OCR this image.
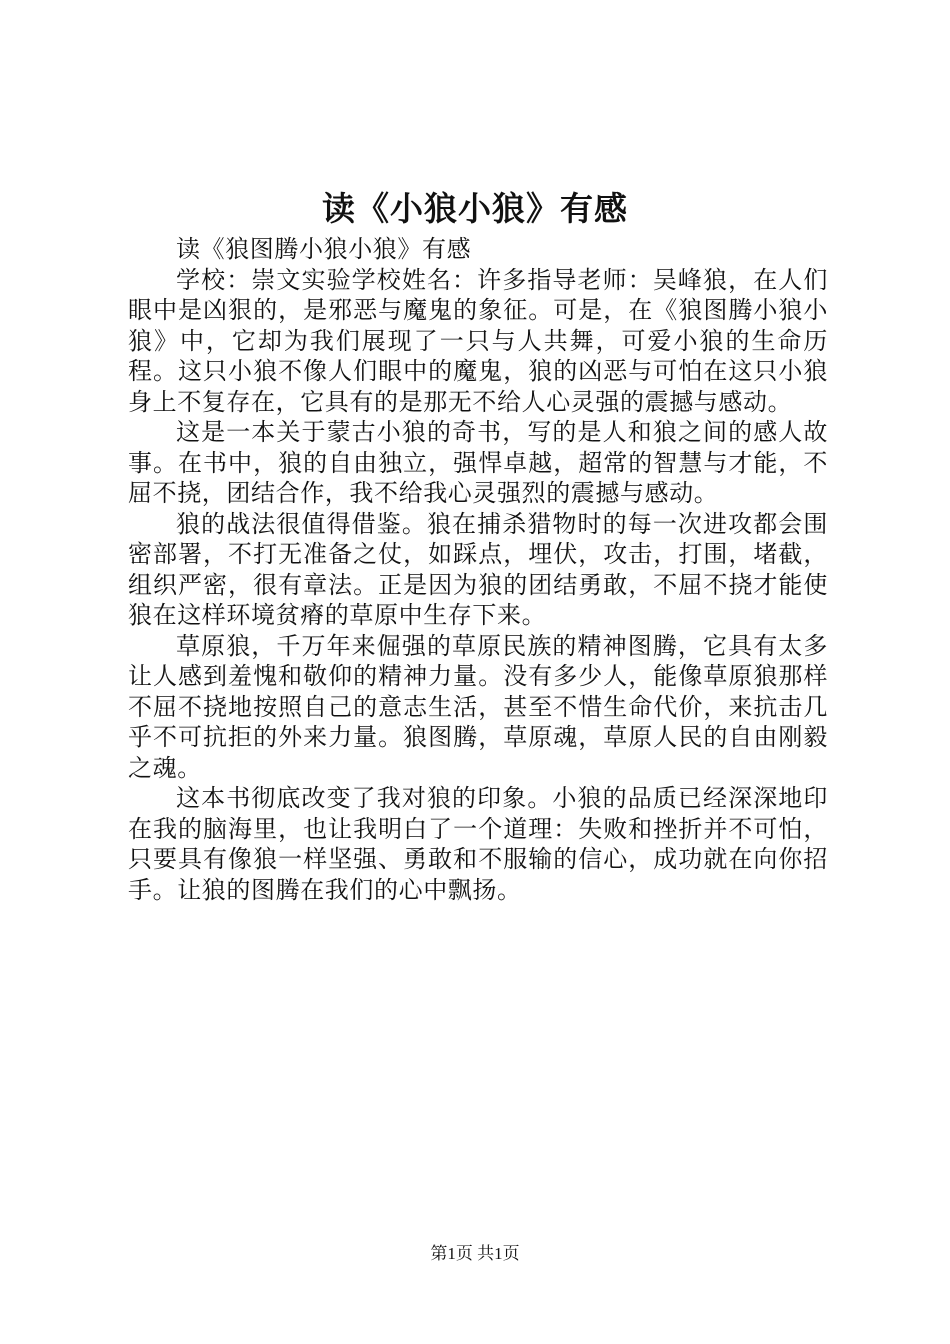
读《小狼小狼》有感

读《狼图腾小狼小狼》有感

学校：崇文实验学校姓名：许多指导老师：吴峰狼，在人们眼中是凶狠的，是邪恶与魔鬼的象征。可是，在《狼图腾小狼小狼》中，它却为我们展现了一只与人共舞，可爱小狼的生命历程。这只小狼不像人们眼中的魔鬼，狼的凶恶与可怕在这只小狼身上不复存在，它具有的是那无不给人心灵强的震撼与感动。

这是一本关于蒙古小狼的奇书，写的是人和狼之间的感人故事。在书中，狼的自由独立，强悍卓越，超常的智慧与才能，不屈不挠，团结合作，我不给我心灵强烈的震撼与感动。

狼的战法很值得借鉴。狼在捕杀猎物时的每一次进攻都会围密部署，不打无准备之仗，如踩点，埋伏，攻击，打围，堵截，组织严密，很有章法。正是因为狼的团结勇敢，不屈不挠才能使狼在这样环境贫瘠的草原中生存下来。

草原狼，千万年来倔强的草原民族的精神图腾，它具有太多让人感到羞愧和敬仰的精神力量。没有多少人，能像草原狼那样不屈不挠地按照自己的意志生活，甚至不惜生命代价，来抗击几乎不可抗拒的外来力量。狼图腾，草原魂，草原人民的自由刚毅之魂。

这本书彻底改变了我对狼的印象。小狼的品质已经深深地印在我的脑海里，也让我明白了一个道理：失败和挫折并不可怕，只要具有像狼一样坚强、勇敢和不服输的信心，成功就在向你招手。让狼的图腾在我们的心中飘扬。

第1页 共1页
